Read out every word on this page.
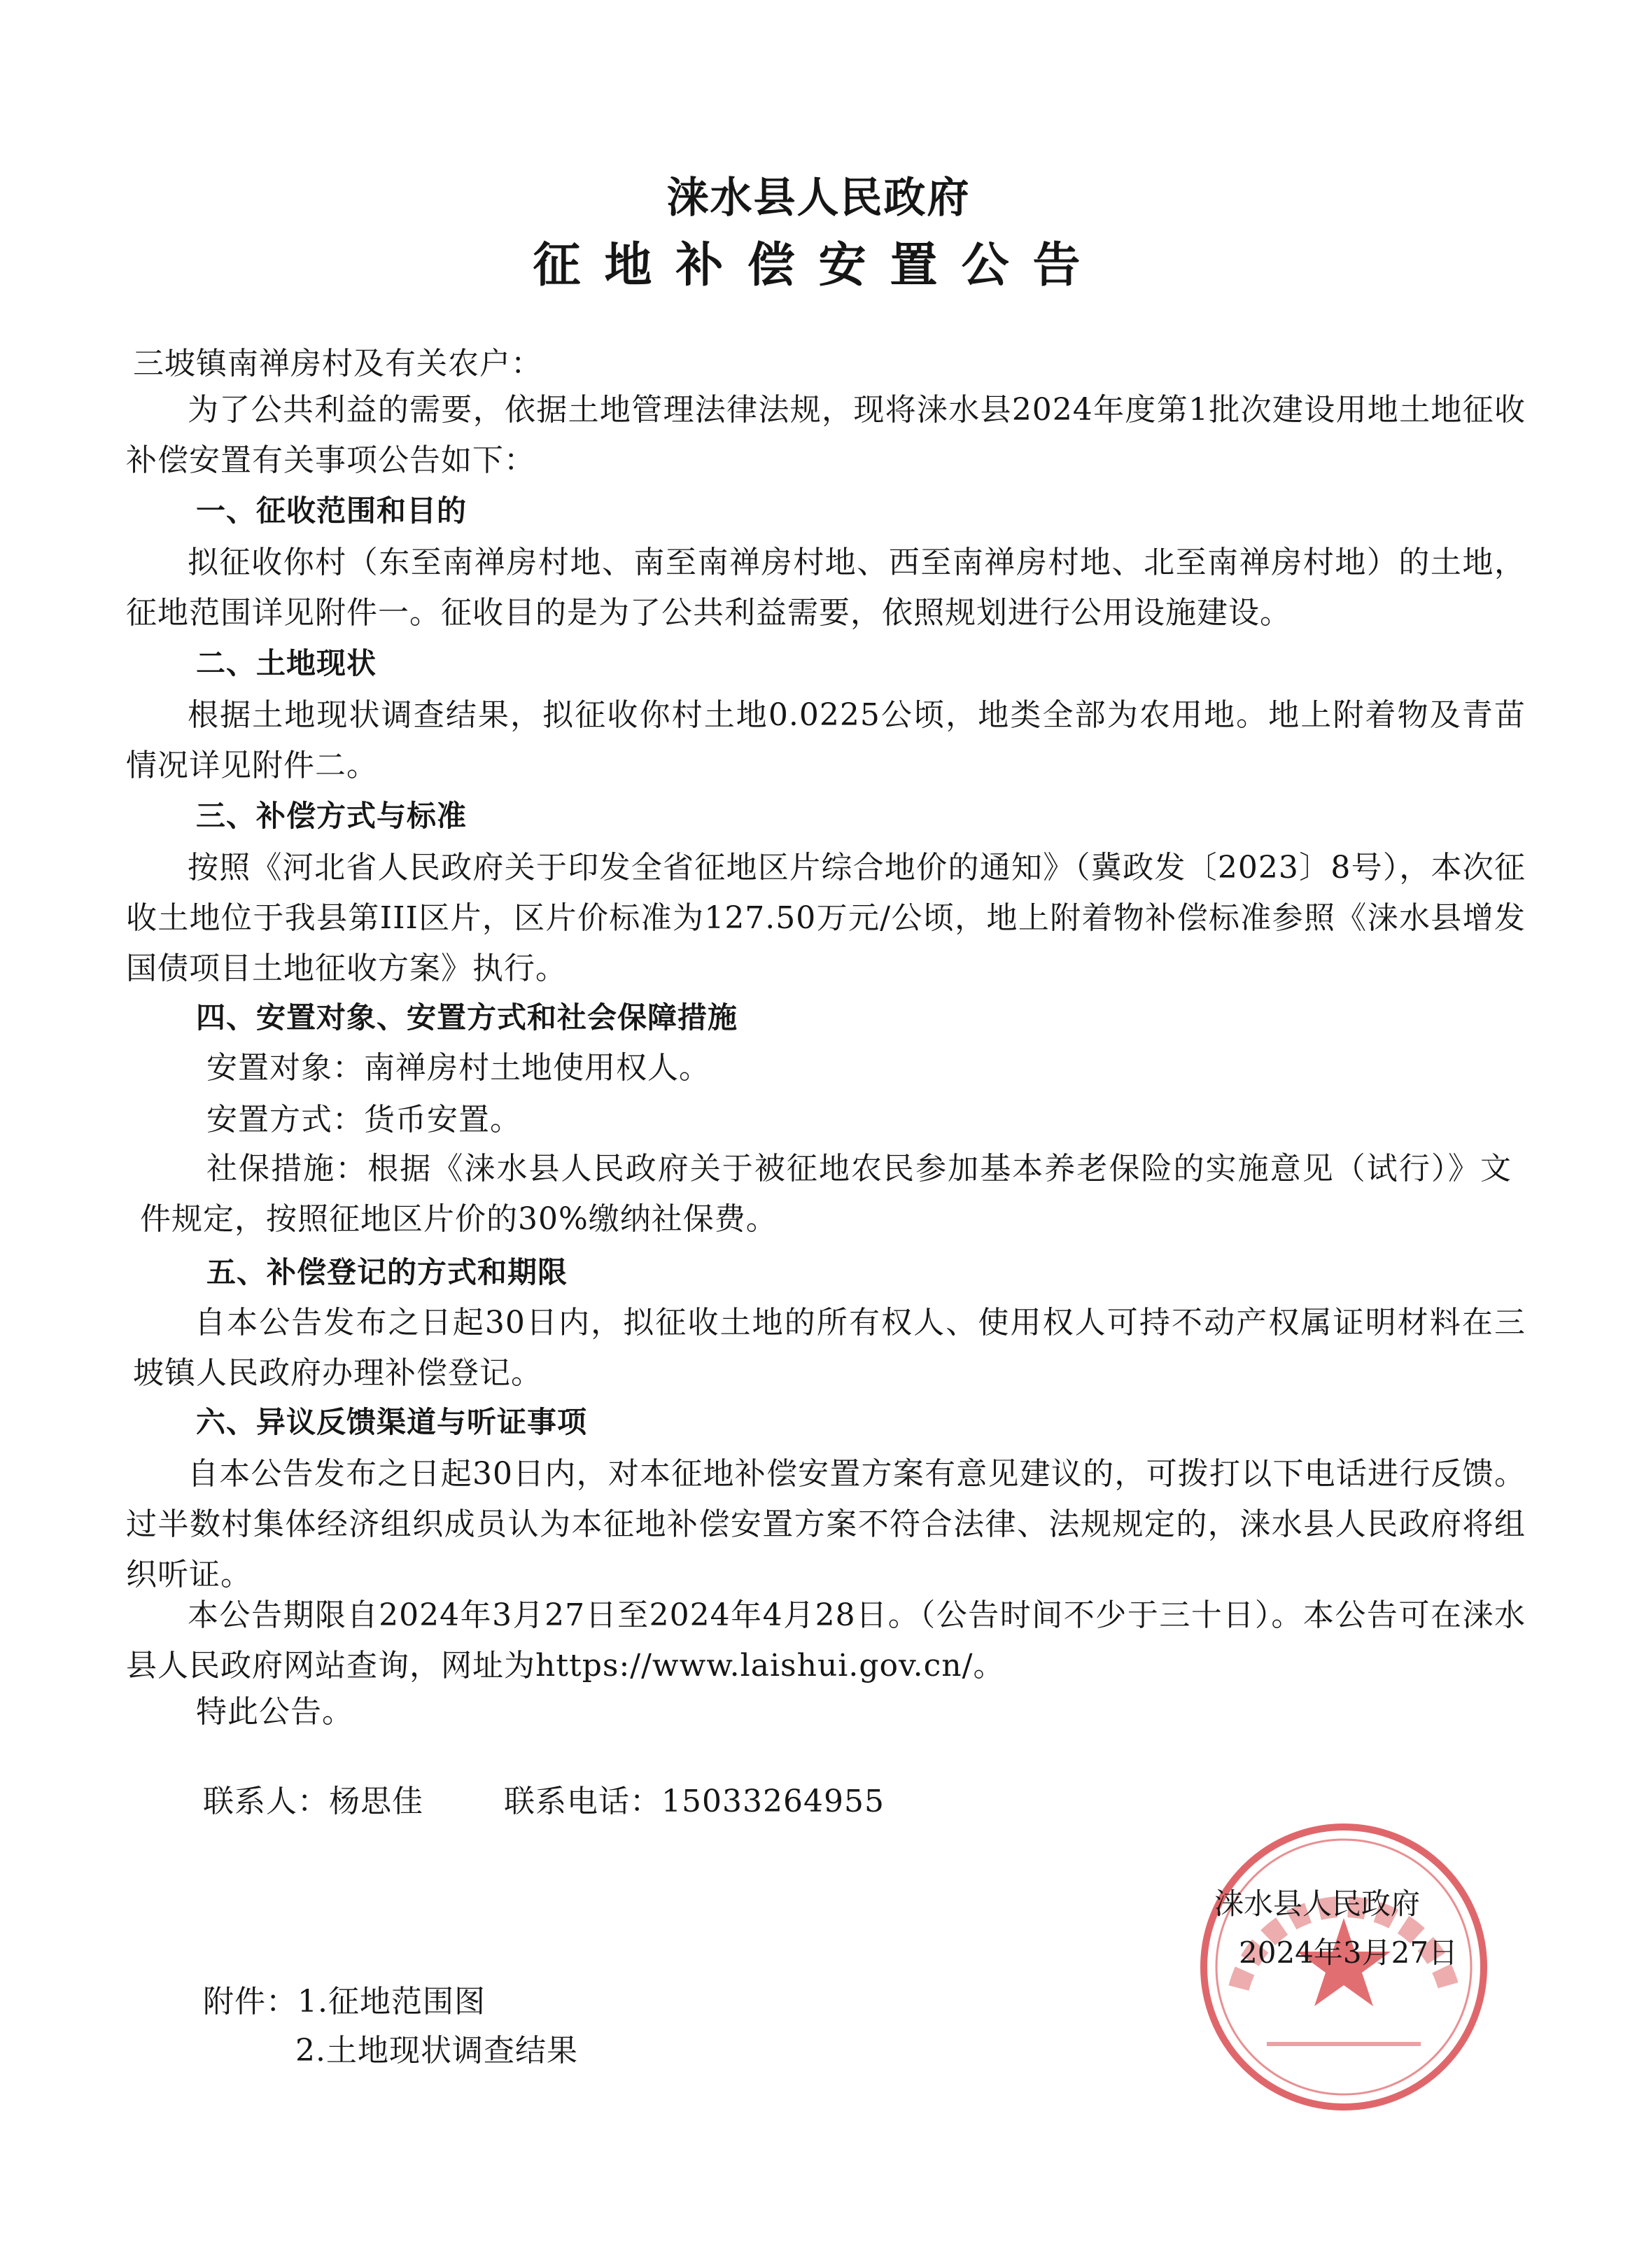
涞水县人民政府
征地补偿安置公告
三坡镇南禅房村及有关农户：
为了公共利益的需要，依据土地管理法律法规，现将涞水县2024年度第1批次建设用地土地征收补偿安置有关事项公告如下：
一、征收范围和目的
拟征收你村（东至南禅房村地、南至南禅房村地、西至南禅房村地、北至南禅房村地）的土地，征地范围详见附件一。征收目的是为了公共利益需要，依照规划进行公用设施建设。
二、土地现状
根据土地现状调查结果，拟征收你村土地0.0225公顷，地类全部为农用地。地上附着物及青苗情况详见附件二。
三、补偿方式与标准
按照《河北省人民政府关于印发全省征地区片综合地价的通知》（冀政发〔2023〕8号），本次征收土地位于我县第III区片，区片价标准为127.50万元/公顷，地上附着物补偿标准参照《涞水县增发国债项目土地征收方案》执行。
四、安置对象、安置方式和社会保障措施
安置对象：南禅房村土地使用权人。
安置方式：货币安置。
社保措施：根据《涞水县人民政府关于被征地农民参加基本养老保险的实施意见（试行）》文件规定，按照征地区片价的30%缴纳社保费。
五、补偿登记的方式和期限
自本公告发布之日起30日内，拟征收土地的所有权人、使用权人可持不动产权属证明材料在三坡镇人民政府办理补偿登记。
六、异议反馈渠道与听证事项
自本公告发布之日起30日内，对本征地补偿安置方案有意见建议的，可拨打以下电话进行反馈。过半数村集体经济组织成员认为本征地补偿安置方案不符合法律、法规规定的，涞水县人民政府将组织听证。
本公告期限自2024年3月27日至2024年4月28日。（公告时间不少于三十日）。本公告可在涞水县人民政府网站查询，网址为https://www.laishui.gov.cn/。
特此公告。
联系人：杨思佳	联系电话：15033264955
涞水县人民政府
2024年3月27日
附件：1.征地范围图
2.土地现状调查结果
